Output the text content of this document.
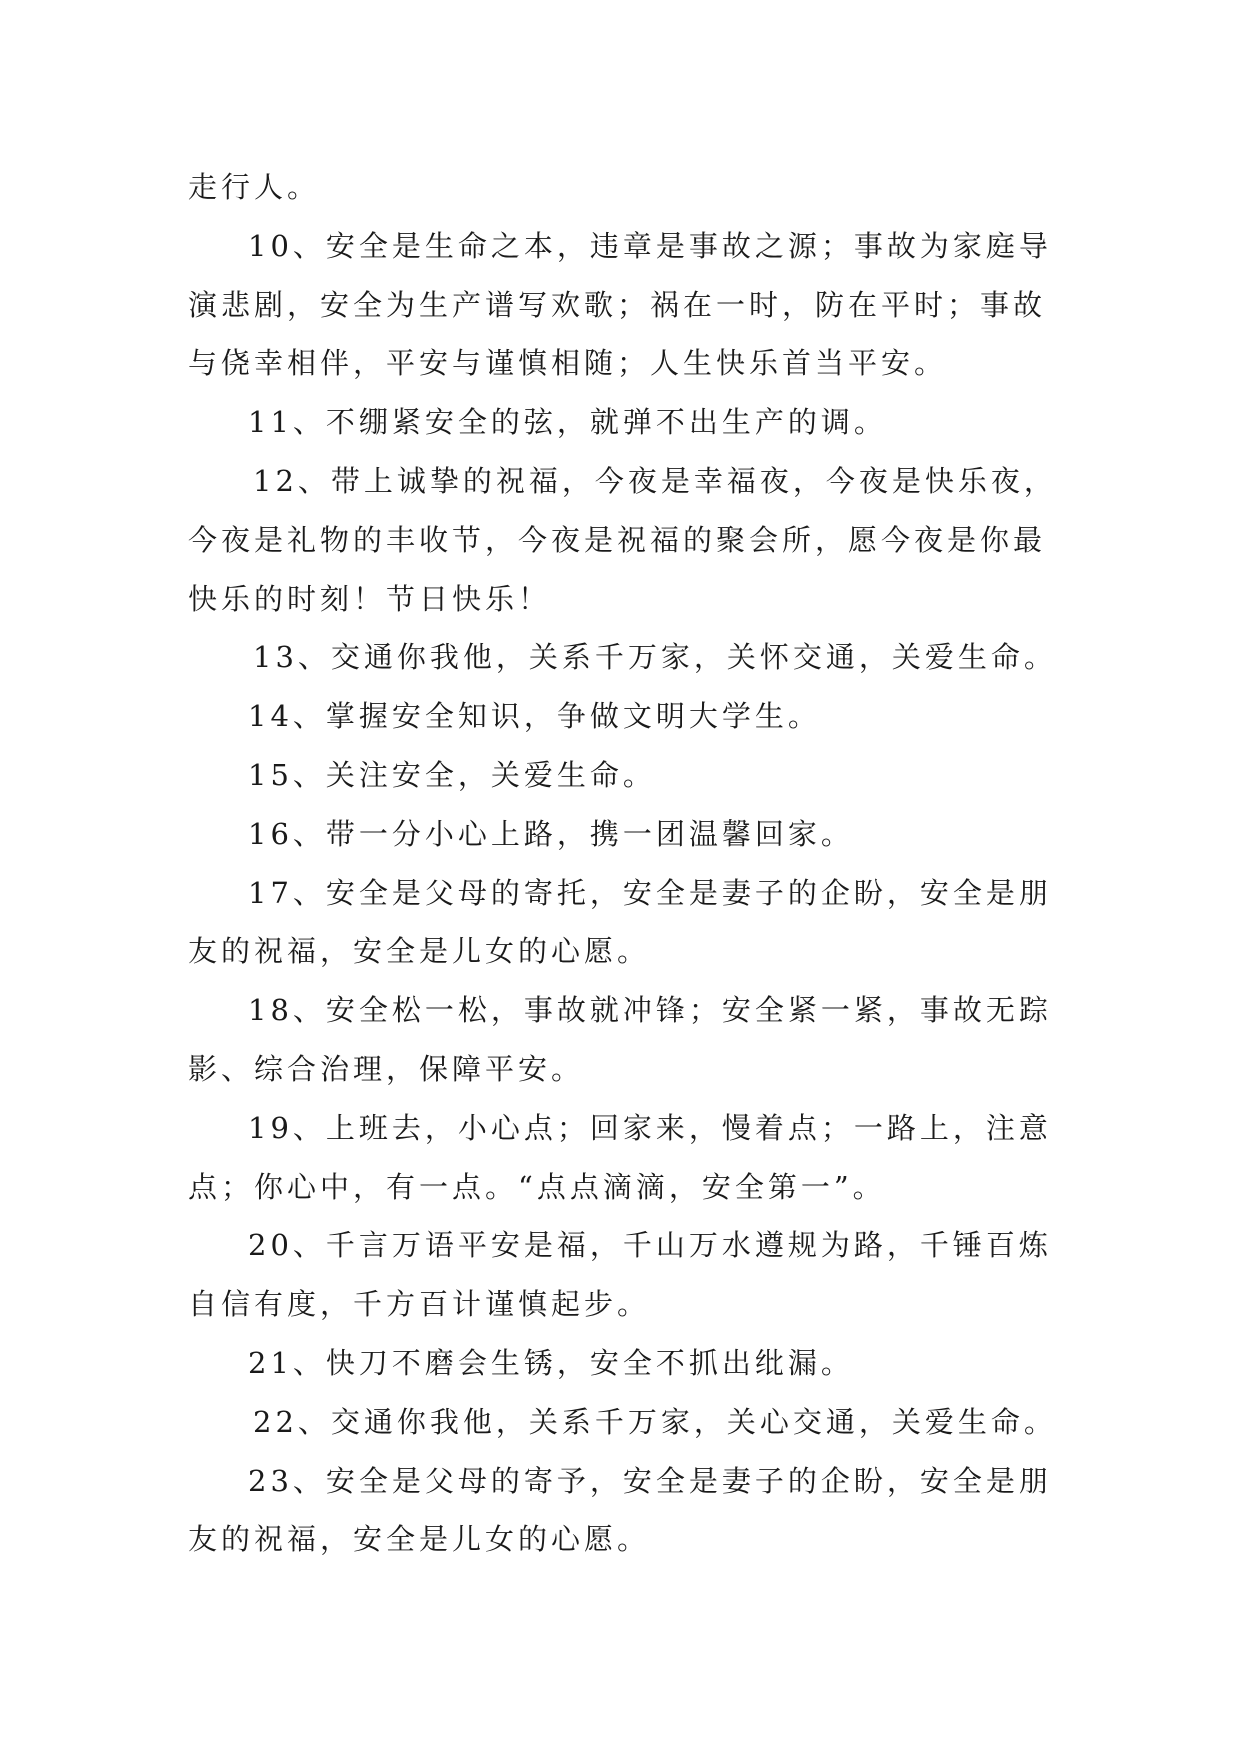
走行人。
10、安全是生命之本，违章是事故之源；事故为家庭导
演悲剧，安全为生产谱写欢歌；祸在一时，防在平时；事故
与侥幸相伴，平安与谨慎相随；人生快乐首当平安。
11、不绷紧安全的弦，就弹不出生产的调。
12、带上诚挚的祝福，今夜是幸福夜，今夜是快乐夜，
今夜是礼物的丰收节，今夜是祝福的聚会所，愿今夜是你最
快乐的时刻！节日快乐！
13、交通你我他，关系千万家，关怀交通，关爱生命。
14、掌握安全知识，争做文明大学生。
15、关注安全，关爱生命。
16、带一分小心上路，携一团温馨回家。
17、安全是父母的寄托，安全是妻子的企盼，安全是朋
友的祝福，安全是儿女的心愿。
18、安全松一松，事故就冲锋；安全紧一紧，事故无踪
影、综合治理，保障平安。
19、上班去，小心点；回家来，慢着点；一路上，注意
点；你心中，有一点。“点点滴滴，安全第一”。
20、千言万语平安是福，千山万水遵规为路，千锤百炼
自信有度，千方百计谨慎起步。
21、快刀不磨会生锈，安全不抓出纰漏。
22、交通你我他，关系千万家，关心交通，关爱生命。
23、安全是父母的寄予，安全是妻子的企盼，安全是朋
友的祝福，安全是儿女的心愿。
